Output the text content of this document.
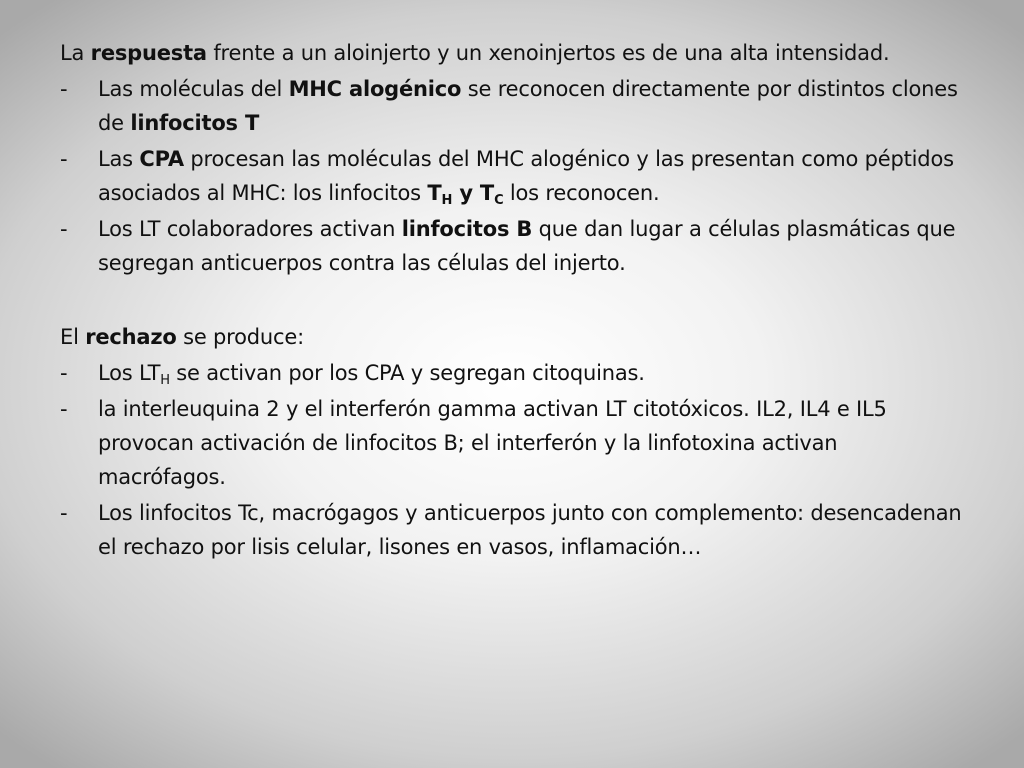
La respuesta frente a un aloinjerto y un xenoinjertos es de una alta intensidad.

-	Las moléculas del MHC alogénico se reconocen directamente por distintos clones de linfocitos T
-	Las CPA procesan las moléculas del MHC alogénico y las presentan como péptidos asociados al MHC: los linfocitos $T_H$ y $T_C$ los reconocen.
-	Los LT colaboradores activan linfocitos B que dan lugar a células plasmáticas que segregan anticuerpos contra las células del injerto.

El rechazo se produce:

-	Los $LT_H$ se activan por los CPA y segregan citoquinas.
-	la interleuquina 2 y el interferón gamma activan LT citotóxicos. IL2, IL4 e IL5 provocan activación de linfocitos B; el interferón y la linfotoxina activan macrófagos.
-	Los linfocitos Tc, macrógagos y anticuerpos junto con complemento: desencadenan el rechazo por lisis celular, lisones en vasos, inflamación…
